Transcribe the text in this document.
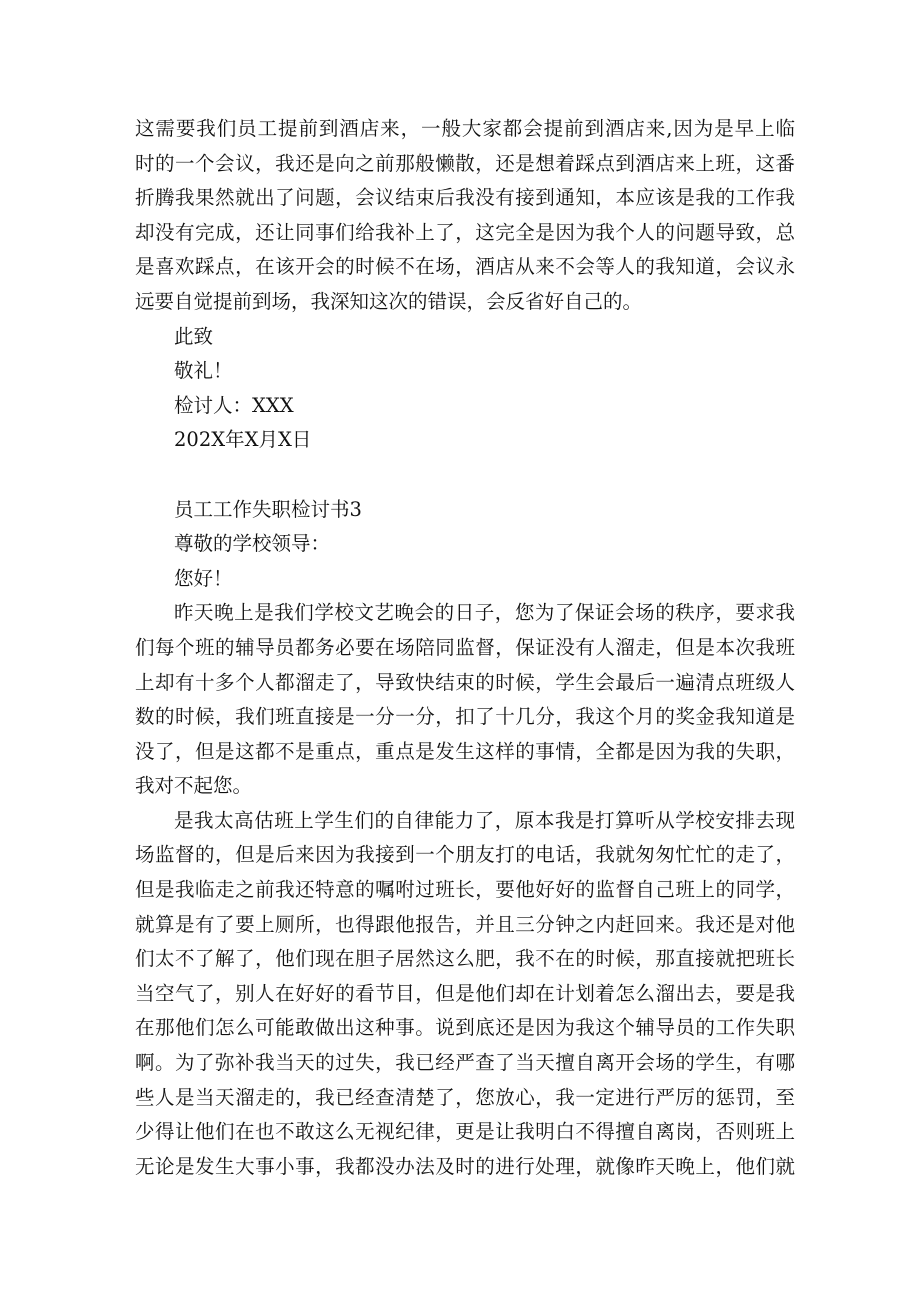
这需要我们员工提前到酒店来，一般大家都会提前到酒店来,因为是早上临
时的一个会议，我还是向之前那般懒散，还是想着踩点到酒店来上班，这番
折腾我果然就出了问题，会议结束后我没有接到通知，本应该是我的工作我
却没有完成，还让同事们给我补上了，这完全是因为我个人的问题导致，总
是喜欢踩点，在该开会的时候不在场，酒店从来不会等人的我知道，会议永
远要自觉提前到场，我深知这次的错误，会反省好自己的。
此致
敬礼！
检讨人：XXX
202X年X月X日
员工工作失职检讨书3
尊敬的学校领导：
您好！
昨天晚上是我们学校文艺晚会的日子，您为了保证会场的秩序，要求我
们每个班的辅导员都务必要在场陪同监督，保证没有人溜走，但是本次我班
上却有十多个人都溜走了，导致快结束的时候，学生会最后一遍清点班级人
数的时候，我们班直接是一分一分，扣了十几分，我这个月的奖金我知道是
没了，但是这都不是重点，重点是发生这样的事情，全都是因为我的失职，
我对不起您。
是我太高估班上学生们的自律能力了，原本我是打算听从学校安排去现
场监督的，但是后来因为我接到一个朋友打的电话，我就匆匆忙忙的走了，
但是我临走之前我还特意的嘱咐过班长，要他好好的监督自己班上的同学，
就算是有了要上厕所，也得跟他报告，并且三分钟之内赶回来。我还是对他
们太不了解了，他们现在胆子居然这么肥，我不在的时候，那直接就把班长
当空气了，别人在好好的看节目，但是他们却在计划着怎么溜出去，要是我
在那他们怎么可能敢做出这种事。说到底还是因为我这个辅导员的工作失职
啊。为了弥补我当天的过失，我已经严查了当天擅自离开会场的学生，有哪
些人是当天溜走的，我已经查清楚了，您放心，我一定进行严厉的惩罚，至
少得让他们在也不敢这么无视纪律，更是让我明白不得擅自离岗，否则班上
无论是发生大事小事，我都没办法及时的进行处理，就像昨天晚上，他们就
